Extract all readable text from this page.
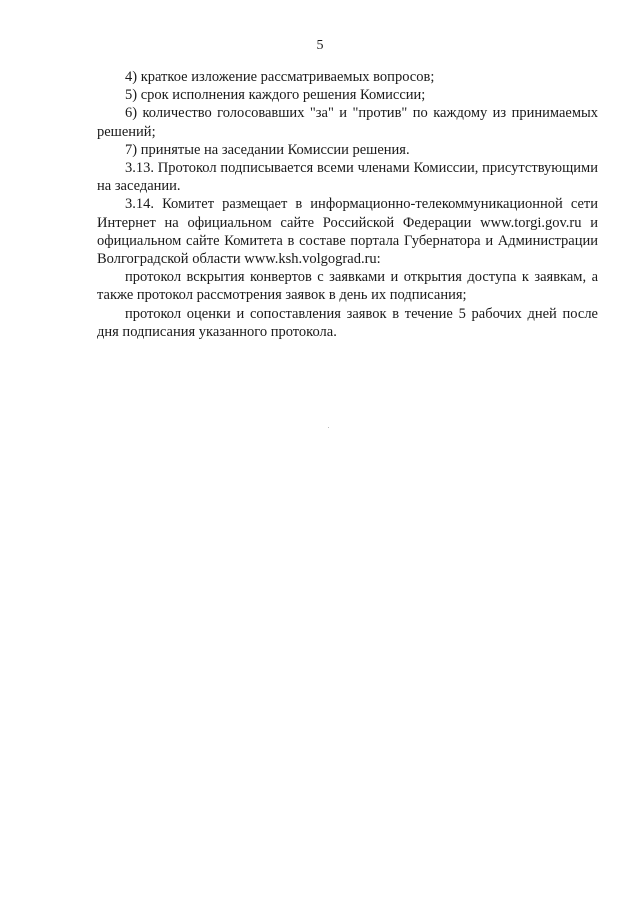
5

4) краткое изложение рассматриваемых вопросов;

5) срок исполнения каждого решения Комиссии;

6) количество голосовавших "за" и "против" по каждому из принимаемых решений;

7) принятые на заседании Комиссии решения.

3.13. Протокол подписывается всеми членами Комиссии, присутствующими на заседании.

3.14. Комитет размещает в информационно-телекоммуникационной сети Интернет на официальном сайте Российской Федерации www.torgi.gov.ru и официальном сайте Комитета в составе портала Губернатора и Администрации Волгоградской области www.ksh.volgograd.ru:

протокол вскрытия конвертов с заявками и открытия доступа к заявкам, а также протокол рассмотрения заявок в день их подписания;

протокол оценки и сопоставления заявок в течение 5 рабочих дней после дня подписания указанного протокола.
